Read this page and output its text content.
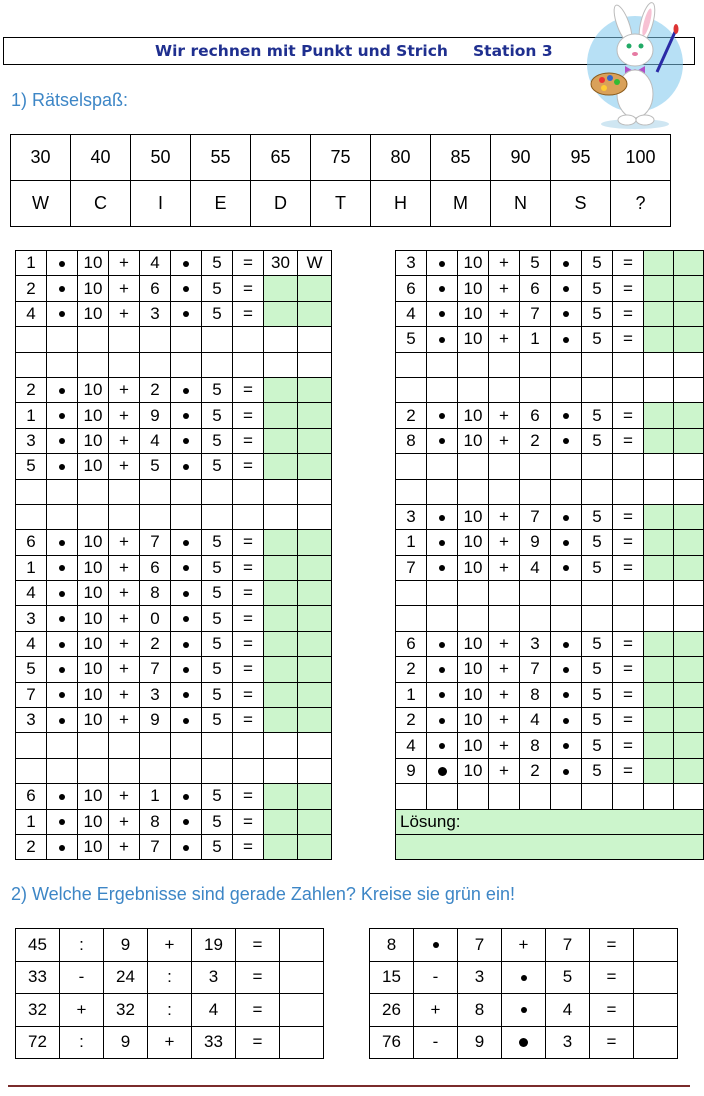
Wir rechnen mit Punkt und Strich Station 3
1) Rätselspaß:
30	40	50	55	65	75	80	85	90	95	100
W	C	I	E	D	T	H	M	N	S	?
1		10	+	4		5	=	30	W
2		10	+	6		5	=		
4		10	+	3		5	=		

2		10	+	2		5	=		
1		10	+	9		5	=		
3		10	+	4		5	=		
5		10	+	5		5	=		

6		10	+	7		5	=		
1		10	+	6		5	=		
4		10	+	8		5	=		
3		10	+	0		5	=		
4		10	+	2		5	=		
5		10	+	7		5	=		
7		10	+	3		5	=		
3		10	+	9		5	=		

6		10	+	1		5	=		
1		10	+	8		5	=		
2		10	+	7		5	=		
3		10	+	5		5	=		
6		10	+	6		5	=		
4		10	+	7		5	=		
5		10	+	1		5	=		

2		10	+	6		5	=		
8		10	+	2		5	=		

3		10	+	7		5	=		
1		10	+	9		5	=		
7		10	+	4		5	=		

6		10	+	3		5	=		
2		10	+	7		5	=		
1		10	+	8		5	=		
2		10	+	4		5	=		
4		10	+	8		5	=		
9		10	+	2		5	=		

Lösung:									

2) Welche Ergebnisse sind gerade Zahlen? Kreise sie grün ein!
45	:	9	+	19	=	
33	-	24	:	3	=	
32	+	32	:	4	=	
72	:	9	+	33	=	
8		7	+	7	=	
15	-	3		5	=	
26	+	8		4	=	
76	-	9		3	=	
